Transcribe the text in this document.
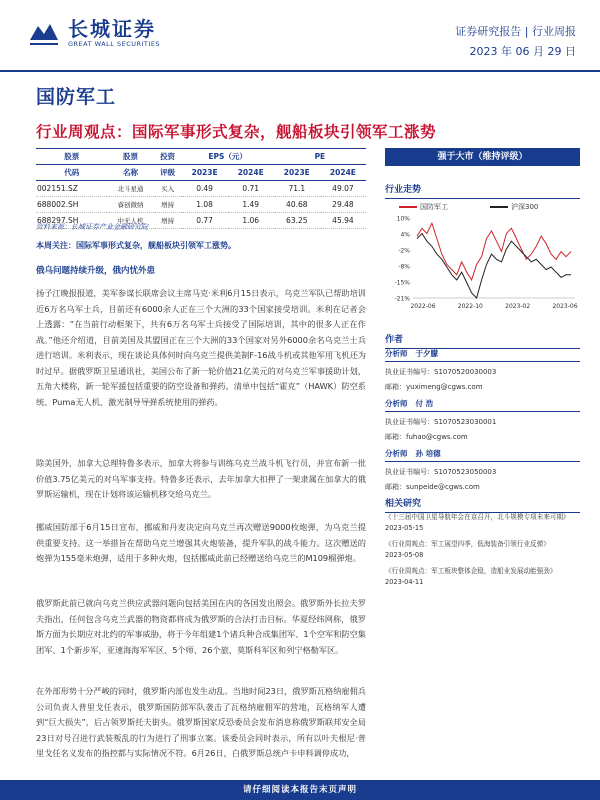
长城证券
GREAT WALL SECURITIES
证券研究报告 | 行业周报
2023 年 06 月 29 日
国防军工
行业周观点：国际军事形式复杂，舰船板块引领军工涨势
股票	股票	投资	EPS（元）		PE	
代码	名称	评级	2023E	2024E	2023E	2024E
002151.SZ	北斗星通	买入	0.49	0.71	71.1	49.07
688002.SH	睿创微纳	增持	1.08	1.49	40.68	29.48
688297.SH	中无人机	增持	0.77	1.06	63.25	45.94
资料来源：长城证券产业金融研究院
本周关注：国际军事形式复杂，舰船板块引领军工涨势。
俄乌问题持续升级，俄内忧外患
扬子江晚报报道，美军参谋长联席会议主席马克·米利6月15日表示，乌克兰军队已帮助培训近6万名乌军士兵，目前还有6000余人正在三个大洲的33个国家接受培训。米利在记者会上透露：“在当前行动框架下，共有6万名乌军士兵接受了国际培训，其中的很多人正在作战。”他还介绍道，目前美国及其盟国正在三个大洲的33个国家对另外6000余名乌克兰士兵进行培训。米利表示，现在谈论具体何时向乌克兰提供美制F-16战斗机或其他军用飞机还为时过早。据俄罗斯卫星通讯社，美国公布了新一轮价值21亿美元的对乌克兰军事援助计划，五角大楼称，新一轮军援包括重要的防空设备和弹药。清单中包括“霍克”（HAWK）防空系统、Puma无人机、激光制导导弹系统使用的弹药。
除美国外，加拿大总理特鲁多表示，加拿大将参与训练乌克兰战斗机飞行员，并宣布新一批价值3.75亿美元的对乌军事支持。特鲁多还表示，去年加拿大扣押了一架隶属在加拿大的俄罗斯运输机，现在计划将该运输机移交给乌克兰。
挪威国防部于6月15日宣布，挪威和丹麦决定向乌克兰再次赠送9000枚炮弹，为乌克兰提供重要支持。这一举措旨在帮助乌克兰增强其火炮装备，提升军队的战斗能力。这次赠送的炮弹为155毫米炮弹，适用于多种火炮，包括挪威此前已经赠送给乌克兰的M109榴弹炮。
俄罗斯此前已就向乌克兰供应武器问题向包括美国在内的各国发出照会。俄罗斯外长拉夫罗夫指出，任何包含乌克兰武器的物资都将成为俄罗斯的合法打击目标。华夏经纬网称，俄罗斯方面为长期应对北约的军事威胁，将于今年组建1个诸兵种合成集团军、1个空军和防空集团军、1个新步军，亚速海海军军区、5个师、26个旅、莫斯科军区和列宁格勒军区。
在外部形势十分严峻的同时，俄罗斯内部也发生动乱。当地时间23日，俄罗斯瓦格纳雇佣兵公司负责人普里戈任表示，俄罗斯国防部军队袭击了瓦格纳雇佣军的营地，瓦格纳军人遭到“巨大损失”，后占领罗斯托夫街头。俄罗斯国家反恐委员会发布消息称俄罗斯联邦安全局23日对号召进行武装叛乱的行为进行了刑事立案。该委员会同时表示，所有以叶夫根尼·普里戈任名义发布的指控都与实际情况不符。6月26日，白俄罗斯总统卢卡申科调停成功，
强于大市（维持评级）
行业走势
国防军工	沪深300
10%
4%
-2%
-8%
-15%
-21%
2022-06	2022-10	2023-02	2023-06
作者
分析师 于夕朦
执业证书编号：S1070520030003
邮箱：yuximeng@cgws.com
分析师 付 浩
执业证书编号：S1070523030001
邮箱：fuhao@cgws.com
分析师 孙 培德
执业证书编号：S1070523050003
邮箱：sunpeide@cgws.com
相关研究
《十三届中国卫星导航年会在京召开，北斗规模专项未来可期》
2023-05-15
《行业周观点：军工展望四季，低海装备引领行业反弹》
2023-05-08
《行业周观点：军工板块整体企稳，造船业发展动能强劲》
2023-04-11
请仔细阅读本报告末页声明
